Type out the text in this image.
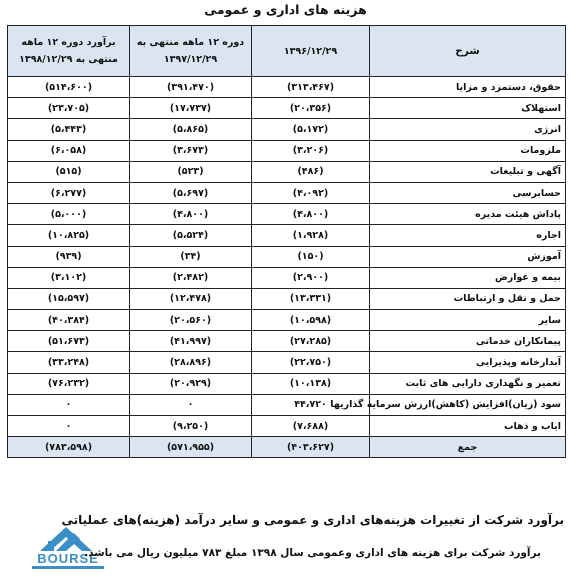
هزینه های اداری و عمومی
شرح	۱۳۹۶/۱۲/۲۹	دوره ۱۲ ماهه منتهی به ۱۳۹۷/۱۲/۲۹	برآورد دوره ۱۲ ماهه منتهی به ۱۳۹۸/۱۲/۲۹
حقوق، دستمزد و مزایا	(۳۱۳،۴۶۷)	(۳۹۱،۴۷۰)	(۵۱۴،۶۰۰)
استهلاک	(۲۰،۳۵۶)	(۱۷،۷۳۷)	(۲۳،۷۰۵)
انرژی	(۵،۱۷۲)	(۵،۸۶۵)	(۵،۴۴۳)
ملزومات	(۳،۲۰۶)	(۳،۶۷۳)	(۶،۰۵۸)
آگهی و تبلیغات	(۴۸۶)	(۵۲۳)	(۵۱۵)
حسابرسی	(۴،۰۹۲)	(۵،۶۹۷)	(۶،۲۷۷)
پاداش هیئت مدیره	(۴،۸۰۰)	(۴،۸۰۰)	(۵،۰۰۰)
اجاره	(۱،۹۲۸)	(۵،۵۲۴)	(۱۰،۸۲۵)
آموزش	(۱۵۰)	(۳۴)	(۹۳۹)
بیمه و عوارض	(۲،۹۰۰)	(۲،۴۸۲)	(۳،۱۰۲)
حمل و نقل و ارتباطات	(۱۳،۳۳۱)	(۱۲،۴۷۸)	(۱۵،۵۹۷)
سایر	(۱۰،۵۹۸)	(۲۰،۵۶۰)	(۴۰،۳۸۴)
پیمانکاران خدماتی	(۲۷،۲۸۵)	(۴۱،۹۹۷)	(۵۱،۶۷۳)
آبدارخانه وپذیرایی	(۲۲،۷۵۰)	(۲۸،۸۹۶)	(۳۳،۲۴۸)
تعمیر و نگهداری دارایی های ثابت	(۱۰،۱۳۸)	(۲۰،۹۲۹)	(۷۶،۲۳۲)
سود (زیان)افزایش (کاهش)ارزش سرمایه گذاریها	۴۴،۷۲۰	۰	۰
ایاب و ذهاب	(۷،۶۸۸)	(۹،۲۵۰)	۰
جمع	(۴۰۳،۶۲۷)	(۵۷۱،۹۵۵)	(۷۸۳،۵۹۸)
BOURSE
برآورد شرکت از تغییرات هزینه‌های اداری و عمومی و سایر درآمد (هزینه)های عملیاتی
برآورد شرکت برای هزینه های اداری وعمومی سال ۱۳۹۸ مبلغ ۷۸۳ میلیون ریال می باشد.
